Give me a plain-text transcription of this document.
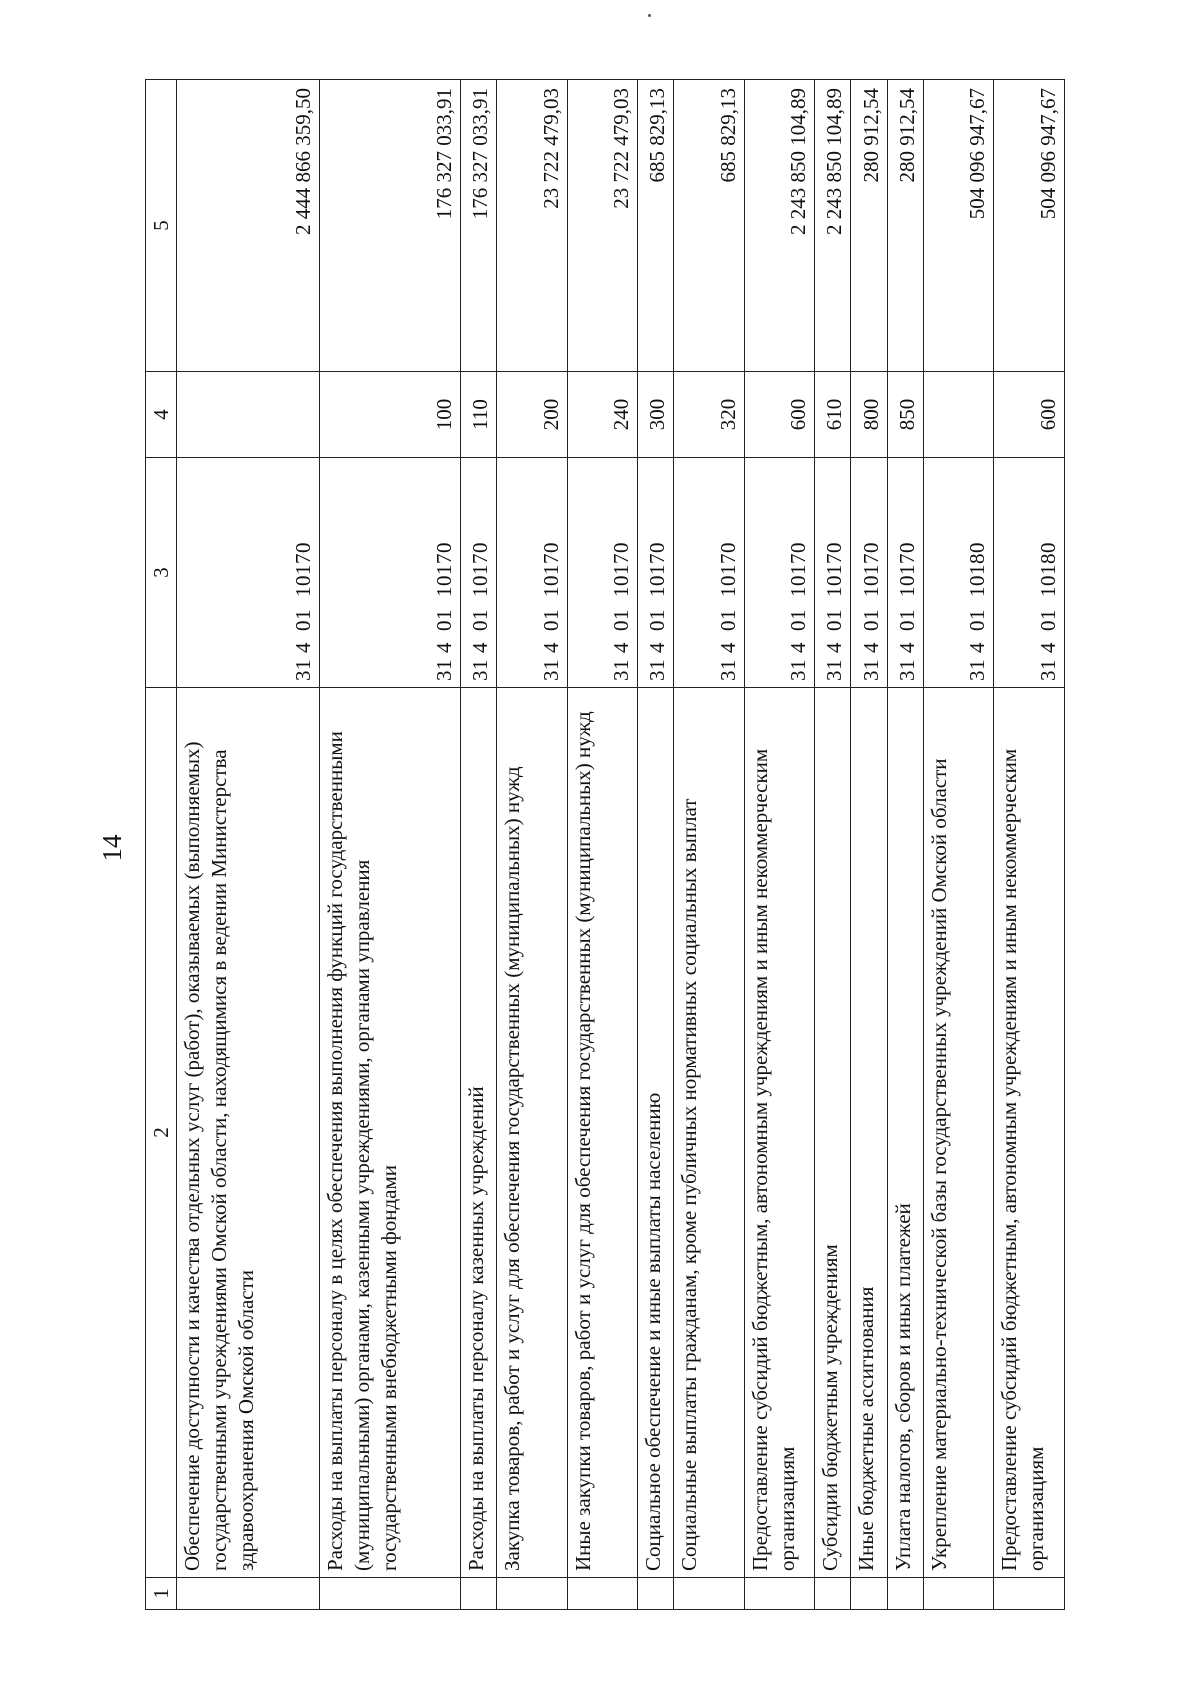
14
1	2	3	4	5
	Обеспечение доступности и качества отдельных услуг (работ), оказываемых (выполняемых) государственными учреждениями Омской области, находящимися в ведении Министерства здравоохранения Омской области	3140110170		2 444 866 359,50
	Расходы на выплаты персоналу в целях обеспечения выполнения функций государственными (муниципальными) органами, казенными учреждениями, органами управления государственными внебюджетными фондами	3140110170	100	176 327 033,91
	Расходы на выплаты персоналу казенных учреждений	3140110170	110	176 327 033,91
	Закупка товаров, работ и услуг для обеспечения государственных (муниципальных) нужд	3140110170	200	23 722 479,03
	Иные закупки товаров, работ и услуг для обеспечения государственных (муниципальных) нужд	3140110170	240	23 722 479,03
	Социальное обеспечение и иные выплаты населению	3140110170	300	685 829,13
	Социальные выплаты гражданам, кроме публичных нормативных социальных выплат	3140110170	320	685 829,13
	Предоставление субсидий бюджетным, автономным учреждениям и иным некоммерческим организациям	3140110170	600	2 243 850 104,89
	Субсидии бюджетным учреждениям	3140110170	610	2 243 850 104,89
	Иные бюджетные ассигнования	3140110170	800	280 912,54
	Уплата налогов, сборов и иных платежей	3140110170	850	280 912,54
	Укрепление материально-технической базы государственных учреждений Омской области	3140110180		504 096 947,67
	Предоставление субсидий бюджетным, автономным учреждениям и иным некоммерческим организациям	3140110180	600	504 096 947,67
